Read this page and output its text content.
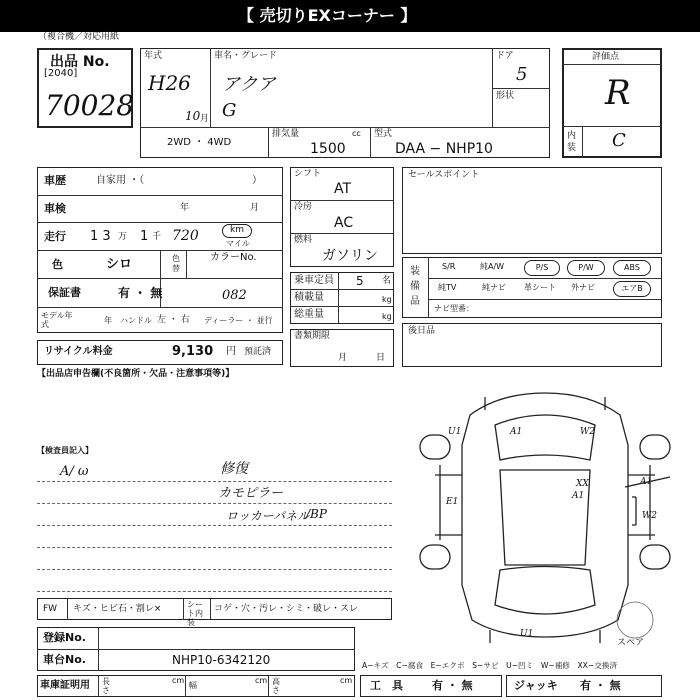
【 売切りEXコーナー 】
（複合機／対応用紙
出品 No.
[2040]
70028
年式
H26
10 月
車名・グレード
アクア
G
ドア
5
形状
2WD ・ 4WD
排気量	cc
1500
型式
DAA − NHP10
評価点
R
内装 C
車歴	自家用 ・（	）
車検	年	月
走行 1 3 万 1 千 720	km
マイル
色	シロ	色替
カラーNo.
082
保証書	有 ・ 無
モデル年式	年 ハンドル 左 ・ 右 ディーラー ・ 並行
シフト
AT
冷房
AC
燃料
ガソリン
乗車定員 5 名
積載量	kg
総重量	kg
書類期限
月	日
セールスポイント
装備品
S/R	純A/W	P/S	P/W	ABS
純TV	純ナビ 革シート 外ナビ	エアB
ナビ型番：
後日品
リサイクル料金	9,130 円 預託済
【出品店申告欄(不良箇所・欠品・注意事項等)】
【検査員記入】
A/ ω	修復
カモピラー
ロッカーパネル
/BP
U1	A1	W2
XX
A1
A1
W2
E1
U1
スペア
FW キズ・ヒビ石・割レ×	シート内装
コゲ・穴・汚レ・シミ・破レ・スレ
登録No.
車台No.	NHP10-6342120
車庫証明用 長さ
cm
幅
cm 高さ
cm
A−キズ　C−腐食　E−エクボ　S−サビ　U−凹ミ　W−補修　XX−交換済
工　具	有 ・ 無	ジャッキ 有 ・ 無
